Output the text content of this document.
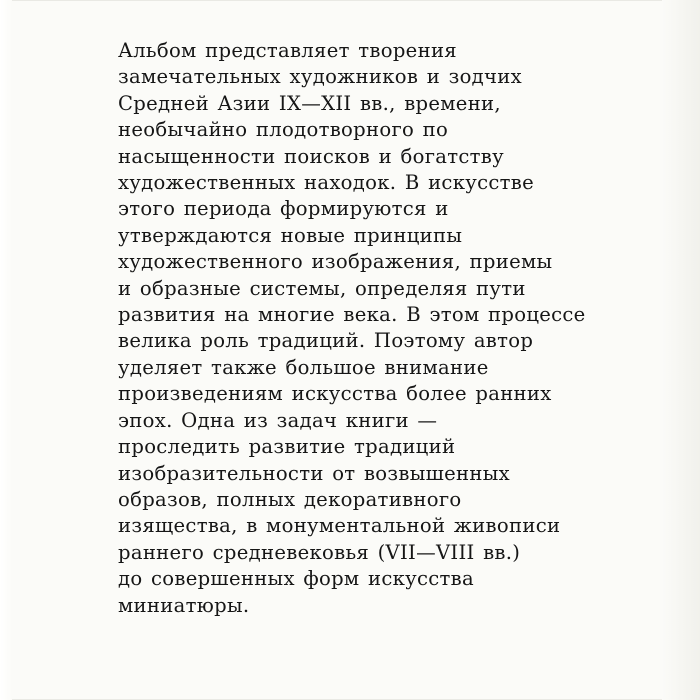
Альбом представляет творения
замечательных художников и зодчих
Средней Азии IX—XII вв., времени,
необычайно плодотворного по
насыщенности поисков и богатству
художественных находок. В искусстве
этого периода формируются и
утверждаются новые принципы
художественного изображения, приемы
и образные системы, определяя пути
развития на многие века. В этом процессе
велика роль традиций. Поэтому автор
уделяет также большое внимание
произведениям искусства более ранних
эпох. Одна из задач книги —
проследить развитие традиций
изобразительности от возвышенных
образов, полных декоративного
изящества, в монументальной живописи
раннего средневековья (VII—VIII вв.)
до совершенных форм искусства
миниатюры.
